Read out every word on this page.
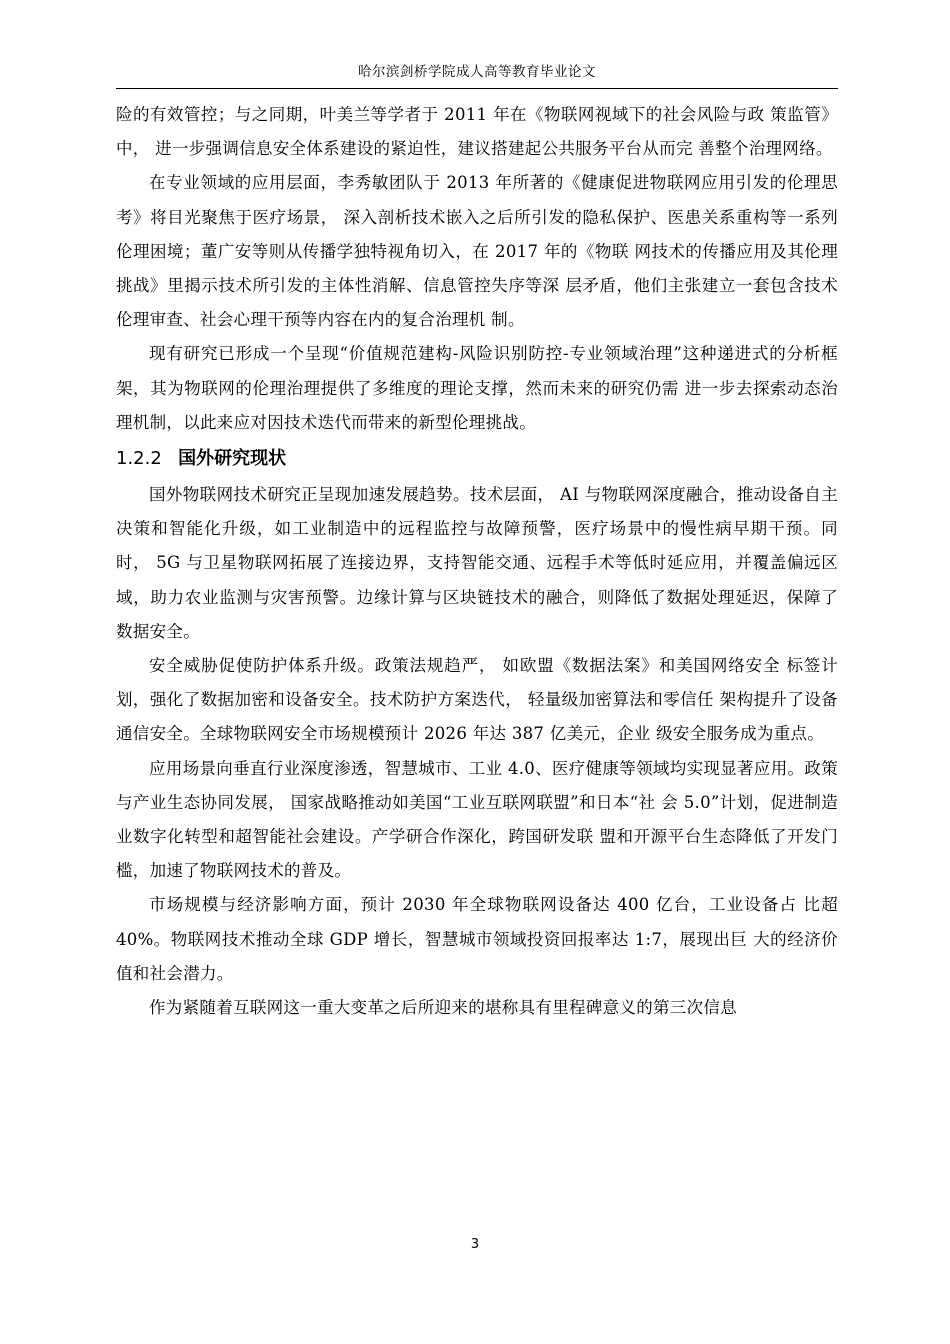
哈尔滨剑桥学院成人高等教育毕业论文

险的有效管控；与之同期，叶美兰等学者于 2011 年在《物联网视域下的社会风险与政 策监管》中， 进一步强调信息安全体系建设的紧迫性，建议搭建起公共服务平台从而完 善整个治理网络。

在专业领域的应用层面，李秀敏团队于 2013 年所著的《健康促进物联网应用引发的伦理思考》将目光聚焦于医疗场景， 深入剖析技术嵌入之后所引发的隐私保护、医患关系重构等一系列伦理困境；董广安等则从传播学独特视角切入，在 2017 年的《物联 网技术的传播应用及其伦理挑战》里揭示技术所引发的主体性消解、信息管控失序等深 层矛盾，他们主张建立一套包含技术伦理审查、社会心理干预等内容在内的复合治理机 制。

现有研究已形成一个呈现“价值规范建构-风险识别防控-专业领域治理”这种递进式的分析框架，其为物联网的伦理治理提供了多维度的理论支撑，然而未来的研究仍需 进一步去探索动态治理机制，以此来应对因技术迭代而带来的新型伦理挑战。

1.2.2 国外研究现状

国外物联网技术研究正呈现加速发展趋势。技术层面， AI 与物联网深度融合，推动设备自主决策和智能化升级，如工业制造中的远程监控与故障预警，医疗场景中的慢性病早期干预。同时， 5G 与卫星物联网拓展了连接边界，支持智能交通、远程手术等低时延应用，并覆盖偏远区域，助力农业监测与灾害预警。边缘计算与区块链技术的融合，则降低了数据处理延迟，保障了数据安全。

安全威胁促使防护体系升级。政策法规趋严， 如欧盟《数据法案》和美国网络安全 标签计划，强化了数据加密和设备安全。技术防护方案迭代， 轻量级加密算法和零信任 架构提升了设备通信安全。全球物联网安全市场规模预计 2026 年达 387 亿美元，企业 级安全服务成为重点。

应用场景向垂直行业深度渗透，智慧城市、工业 4.0、医疗健康等领域均实现显著应用。政策与产业生态协同发展， 国家战略推动如美国“工业互联网联盟”和日本“社 会 5.0”计划，促进制造业数字化转型和超智能社会建设。产学研合作深化，跨国研发联 盟和开源平台生态降低了开发门槛，加速了物联网技术的普及。

市场规模与经济影响方面，预计 2030 年全球物联网设备达 400 亿台，工业设备占 比超 40%。物联网技术推动全球 GDP 增长，智慧城市领域投资回报率达 1:7，展现出巨 大的经济价值和社会潜力。

作为紧随着互联网这一重大变革之后所迎来的堪称具有里程碑意义的第三次信息

3
